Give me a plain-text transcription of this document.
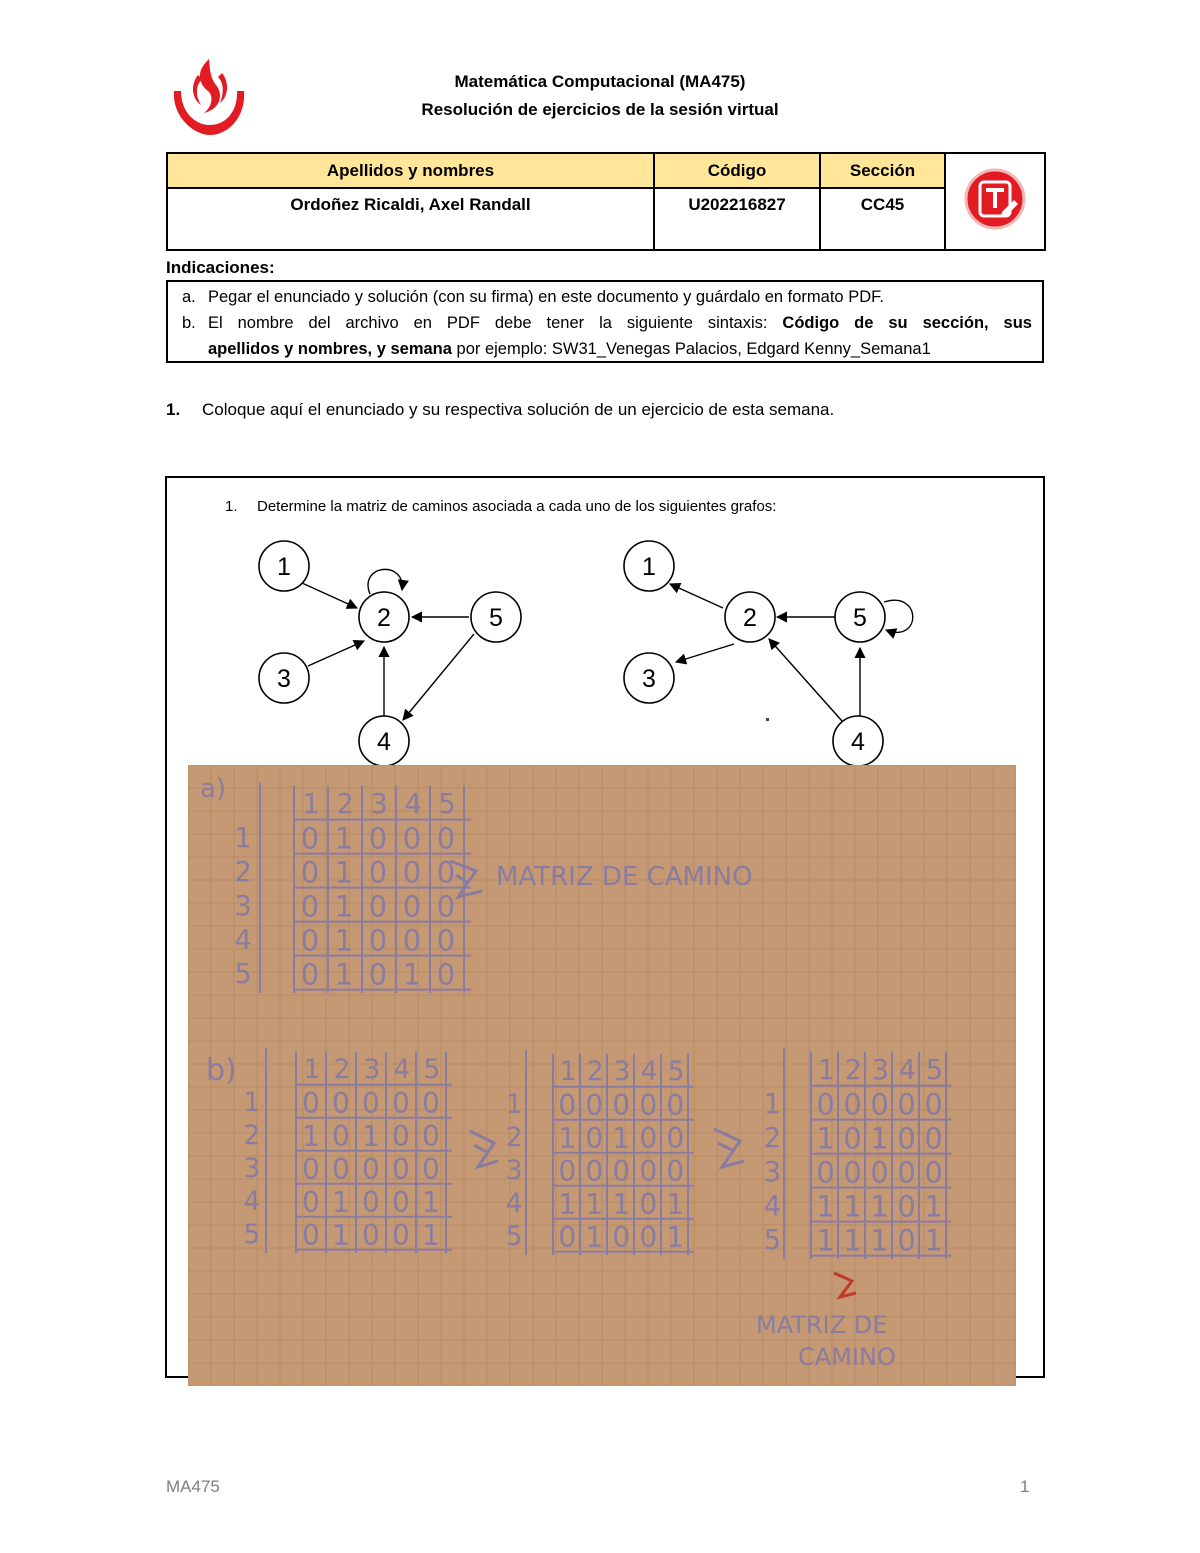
Matemática Computacional (MA475)
Resolución de ejercicios de la sesión virtual
Apellidos y nombres	Código	Sección	
Ordoñez Ricaldi, Axel Randall	U202216827	CC45	
Indicaciones:
a. Pegar el enunciado y solución (con su firma) en este documento y guárdalo en formato PDF.
b. El nombre del archivo en PDF debe tener la siguiente sintaxis: Código de su sección, sus
apellidos y nombres, y semana por ejemplo: SW31_Venegas Palacios, Edgard Kenny_Semana1
1. Coloque aquí el enunciado y su respectiva solución de un ejercicio de esta semana.
1. Determine la matriz de caminos asociada a cada uno de los siguientes grafos:
1
2
3
4
5
1
2
3
4
5
a)	1 2 3 4 5
1 0 1 0 0 0
2 0 1 0 0 0
3 0 1 0 0 0
4 0 1 0 0 0
5 0 1 0 1 0
MATRIZ DE CAMINO
b)	1 2 3 4 5
1 0 0 0 0 0
2 1 0 1 0 0
3 0 0 0 0 0
4 0 1 0 0 1
5 0 1 0 0 1
1 2 3 4 5
1 0 0 0 0 0
2 1 0 1 0 0
3 0 0 0 0 0
4 1 1 1 0 1
5 0 1 0 0 1
1 2 3 4 5
1 0 0 0 0 0
2 1 0 1 0 0
3 0 0 0 0 0
4 1 1 1 0 1
5 1 1 1 0 1
MATRIZ DE
CAMINO
MA475	1
